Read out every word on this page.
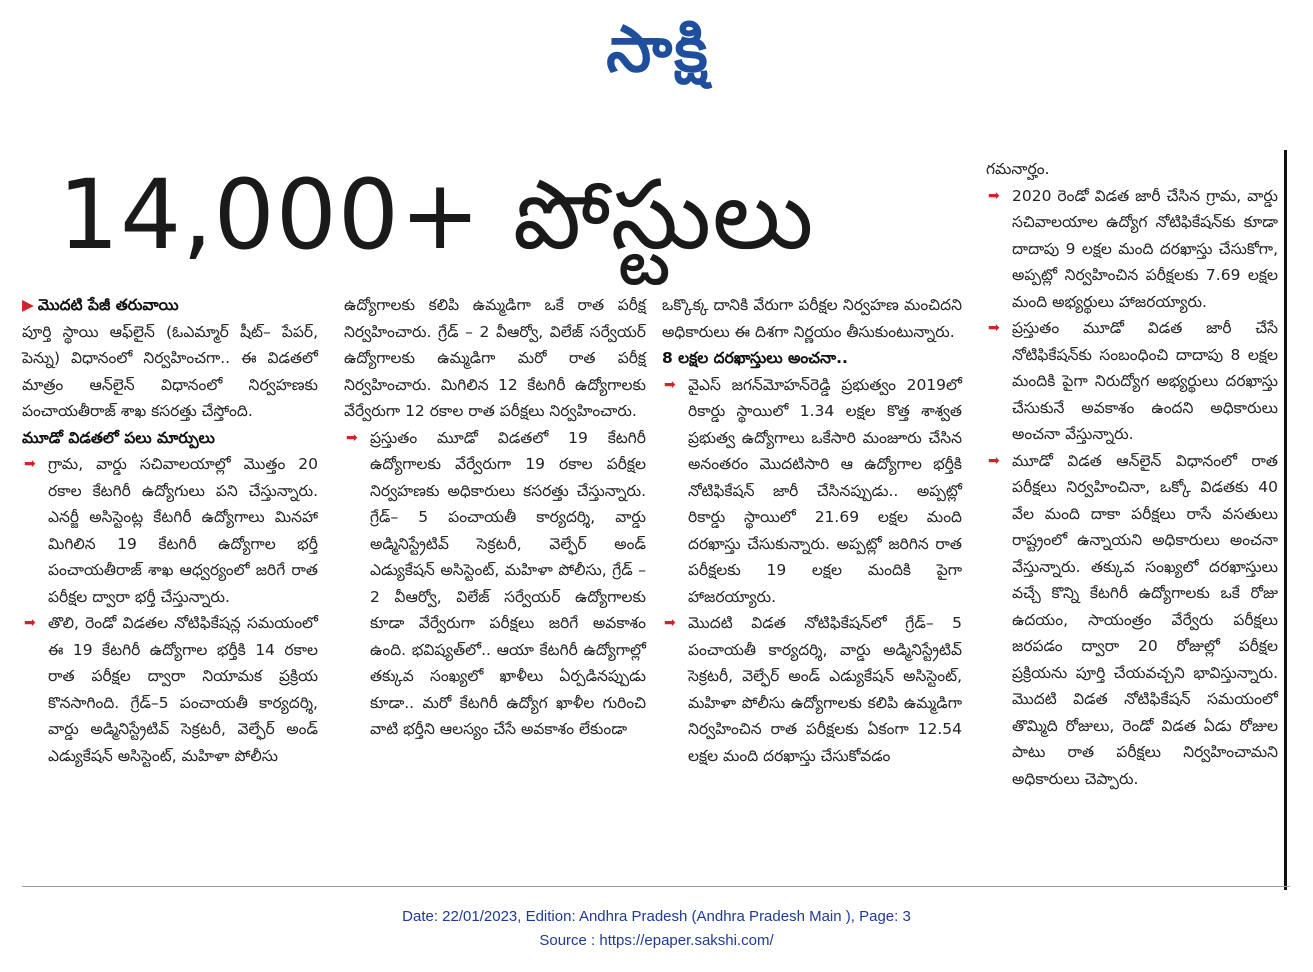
సాక్షి
14,000+ పోస్టులు

▶ మొదటి పేజీ తరువాయి

పూర్తి స్థాయి ఆఫ్‌లైన్‌ (ఓఎమ్మార్‌ షీట్‌– పేపర్, పెన్ను) విధానంలో నిర్వహించగా.. ఈ విడతలో మాత్రం ఆన్‌లైన్‌ విధానంలో నిర్వహణకు పంచాయతీరాజ్‌ శాఖ కసరత్తు చేస్తోంది.

మూడో విడతలో పలు మార్పులు

➡ గ్రామ, వార్డు సచివాలయాల్లో మొత్తం 20 రకాల కేటగిరీ ఉద్యోగులు పని చేస్తున్నారు. ఎనర్జీ అసిస్టెంట్ల కేటగిరీ ఉద్యోగాలు మినహా మిగిలిన 19 కేటగిరీ ఉద్యోగాల భర్తీ పంచాయతీరాజ్‌ శాఖ ఆధ్వర్యంలో జరిగే రాత పరీక్షల ద్వారా భర్తీ చేస్తున్నారు.

➡ తొలి, రెండో విడతల నోటిఫికేషన్ల సమయంలో ఈ 19 కేటగిరీ ఉద్యోగాల భర్తీకి 14 రకాల రాత పరీక్షల ద్వారా నియామక ప్రక్రియ కొనసాగింది. గ్రేడ్‌–5 పంచాయతీ కార్యదర్శి, వార్డు అడ్మినిస్ట్రేటివ్‌ సెక్రటరీ, వెల్ఫేర్‌ అండ్‌ ఎడ్యుకేషన్‌ అసిస్టెంట్, మహిళా పోలీసు

ఉద్యోగాలకు కలిపి ఉమ్మడిగా ఒకే రాత పరీక్ష నిర్వహించారు. గ్రేడ్‌ – 2 వీఆర్వో, విలేజ్‌ సర్వేయర్‌ ఉద్యోగాలకు ఉమ్మడిగా మరో రాత పరీక్ష నిర్వహించారు. మిగిలిన 12 కేటగిరీ ఉద్యోగాలకు వేర్వేరుగా 12 రకాల రాత పరీక్షలు నిర్వహించారు.

➡ ప్రస్తుతం మూడో విడతలో 19 కేటగిరీ ఉద్యోగాలకు వేర్వేరుగా 19 రకాల పరీక్షల నిర్వహణకు అధికారులు కసరత్తు చేస్తున్నారు. గ్రేడ్‌– 5 పంచాయతీ కార్యదర్శి, వార్డు అడ్మినిస్ట్రేటివ్‌ సెక్రటరీ, వెల్ఫేర్‌ అండ్‌ ఎడ్యుకేషన్‌ అసిస్టెంట్, మహిళా పోలీసు, గ్రేడ్‌ – 2 వీఆర్వో, విలేజ్‌ సర్వేయర్‌ ఉద్యోగాలకు కూడా వేర్వేరుగా పరీక్షలు జరిగే అవకాశం ఉంది. భవిష్యత్‌లో.. ఆయా కేటగిరీ ఉద్యోగాల్లో తక్కువ సంఖ్యలో ఖాళీలు ఏర్పడినప్పుడు కూడా.. మరో కేటగిరీ ఉద్యోగ ఖాళీల గురించి వాటి భర్తీని ఆలస్యం చేసే అవకాశం లేకుండా

ఒక్కొక్క దానికి వేరుగా పరీక్షల నిర్వహణ మంచిదని అధికారులు ఈ దిశగా నిర్ణయం తీసుకుంటున్నారు.

8 లక్షల దరఖాస్తులు అంచనా..

➡ వైఎస్‌ జగన్‌మోహన్‌రెడ్డి ప్రభుత్వం 2019లో రికార్డు స్థాయిలో 1.34 లక్షల కొత్త శాశ్వత ప్రభుత్వ ఉద్యోగాలు ఒకేసారి మంజూరు చేసిన అనంతరం మొదటిసారి ఆ ఉద్యోగాల భర్తీకి నోటిఫికేషన్‌ జారీ చేసినప్పుడు.. అప్పట్లో రికార్డు స్థాయిలో 21.69 లక్షల మంది దరఖాస్తు చేసుకున్నారు. అప్పట్లో జరిగిన రాత పరీక్షలకు 19 లక్షల మందికి పైగా హాజరయ్యారు.

➡ మొదటి విడత నోటిఫికేషన్‌లో గ్రేడ్‌– 5 పంచాయతీ కార్యదర్శి, వార్డు అడ్మినిస్ట్రేటివ్‌ సెక్రటరీ, వెల్ఫేర్‌ అండ్‌ ఎడ్యుకేషన్‌ అసిస్టెంట్, మహిళా పోలీసు ఉద్యోగాలకు కలిపి ఉమ్మడిగా నిర్వహించిన రాత పరీక్షలకు ఏకంగా 12.54 లక్షల మంది దరఖాస్తు చేసుకోవడం

గమనార్హం.

➡ 2020 రెండో విడత జారీ చేసిన గ్రామ, వార్డు సచివాలయాల ఉద్యోగ నోటిఫికేషన్‌కు కూడా దాదాపు 9 లక్షల మంది దరఖాస్తు చేసుకోగా, అప్పట్లో నిర్వహించిన పరీక్షలకు 7.69 లక్షల మంది అభ్యర్థులు హాజరయ్యారు.

➡ ప్రస్తుతం మూడో విడత జారీ చేసే నోటిఫికేషన్‌కు సంబంధించి దాదాపు 8 లక్షల మందికి పైగా నిరుద్యోగ అభ్యర్థులు దరఖాస్తు చేసుకునే అవకాశం ఉందని అధికారులు అంచనా వేస్తున్నారు.

➡ మూడో విడత ఆన్‌లైన్‌ విధానంలో రాత పరీక్షలు నిర్వహించినా, ఒక్కో విడతకు 40 వేల మంది దాకా పరీక్షలు రాసే వసతులు రాష్ట్రంలో ఉన్నాయని అధికారులు అంచనా వేస్తున్నారు. తక్కువ సంఖ్యలో దరఖాస్తులు వచ్చే కొన్ని కేటగిరీ ఉద్యోగాలకు ఒకే రోజు ఉదయం, సాయంత్రం వేర్వేరు పరీక్షలు జరపడం ద్వారా 20 రోజుల్లో పరీక్షల ప్రక్రియను పూర్తి చేయవచ్చని భావిస్తున్నారు. మొదటి విడత నోటిఫికేషన్‌ సమయంలో తొమ్మిది రోజులు, రెండో విడత ఏడు రోజుల పాటు రాత పరీక్షలు నిర్వహించామని అధికారులు చెప్పారు.

Date: 22/01/2023, Edition: Andhra Pradesh (Andhra Pradesh Main ), Page: 3
Source : https://epaper.sakshi.com/
